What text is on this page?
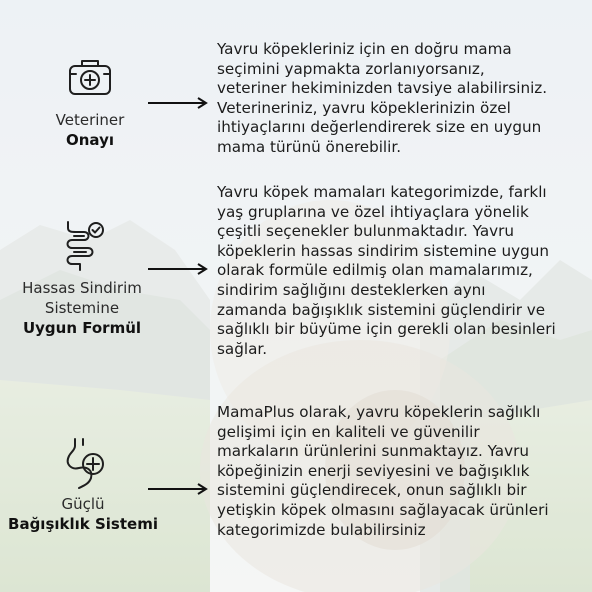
Veteriner
Onayı
Yavru köpekleriniz için en doğru mama
seçimini yapmakta zorlanıyorsanız,
veteriner hekiminizden tavsiye alabilirsiniz.
Veterineriniz, yavru köpeklerinizin özel
ihtiyaçlarını değerlendirerek size en uygun
mama türünü önerebilir.
Hassas Sindirim
Sistemine
Uygun Formül
Yavru köpek mamaları kategorimizde, farklı
yaş gruplarına ve özel ihtiyaçlara yönelik
çeşitli seçenekler bulunmaktadır. Yavru
köpeklerin hassas sindirim sistemine uygun
olarak formüle edilmiş olan mamalarımız,
sindirim sağlığını desteklerken aynı
zamanda bağışıklık sistemini güçlendirir ve
sağlıklı bir büyüme için gerekli olan besinleri
sağlar.
Güçlü
Bağışıklık Sistemi
MamaPlus olarak, yavru köpeklerin sağlıklı
gelişimi için en kaliteli ve güvenilir
markaların ürünlerini sunmaktayız. Yavru
köpeğinizin enerji seviyesini ve bağışıklık
sistemini güçlendirecek, onun sağlıklı bir
yetişkin köpek olmasını sağlayacak ürünleri
kategorimizde bulabilirsiniz
